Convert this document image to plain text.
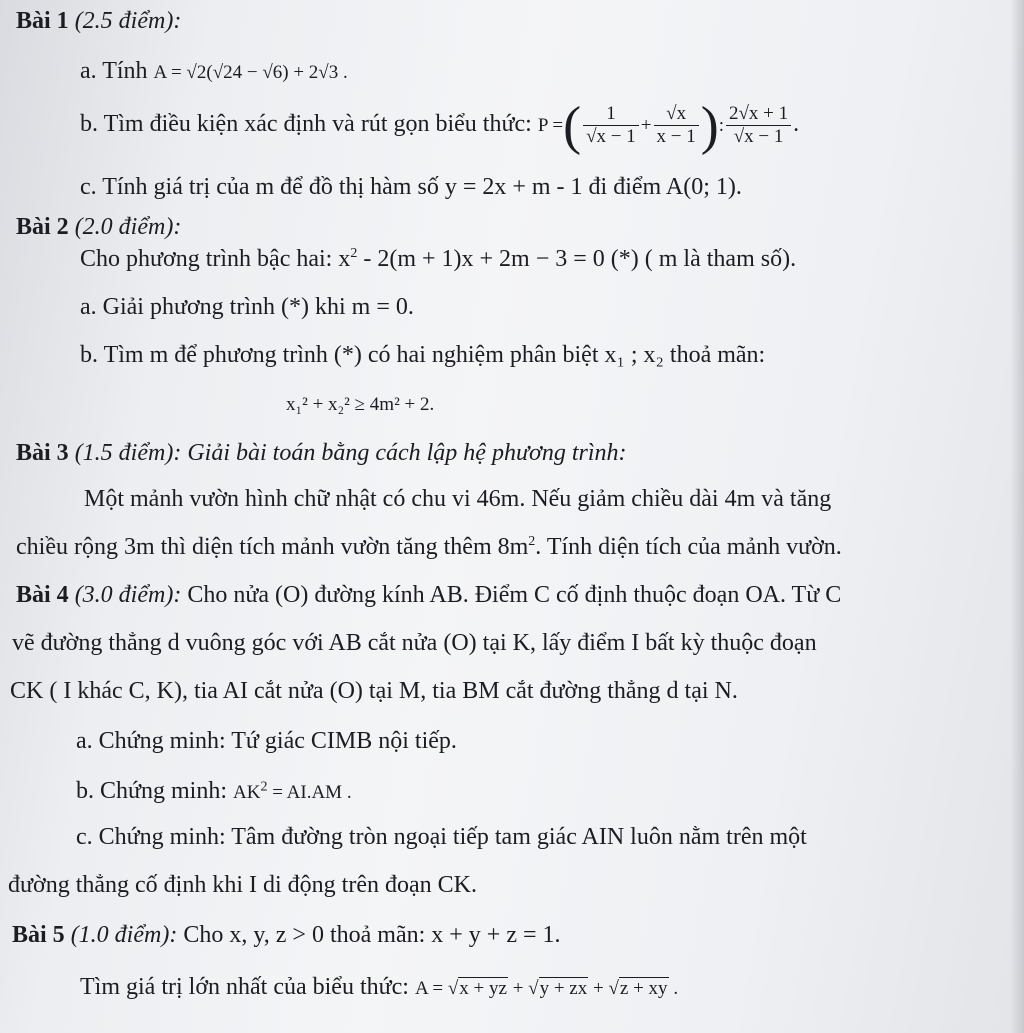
Bài 1 (2.5 điểm):
a. Tính A = √2(√24 − √6) + 2√3 .
b. Tìm điều kiện xác định và rút gọn biểu thức: P =( $\frac{1}{√x - 1} + \frac{√x}{x - 1}$ ): $\frac{2√x + 1}{√x - 1}$ .
c. Tính giá trị của m để đồ thị hàm số y = 2x + m - 1 đi điểm A(0; 1).
Bài 2 (2.0 điểm):
Cho phương trình bậc hai: $x^2 - 2(m + 1)x + 2m - 3 = 0$ (*) ( m là tham số).
a. Giải phương trình (*) khi m = 0.
b. Tìm m để phương trình (*) có hai nghiệm phân biệt x₁ ; x₂ thoả mãn:
x₁² + x₂² ≥ 4m² + 2.
Bài 3 (1.5 điểm): Giải bài toán bằng cách lập hệ phương trình:
Một mảnh vườn hình chữ nhật có chu vi 46m. Nếu giảm chiều dài 4m và tăng
chiều rộng 3m thì diện tích mảnh vườn tăng thêm $8m^2$. Tính diện tích của mảnh vườn.
Bài 4 (3.0 điểm): Cho nửa (O) đường kính AB. Điểm C cố định thuộc đoạn OA. Từ C
vẽ đường thẳng d vuông góc với AB cắt nửa (O) tại K, lấy điểm I bất kỳ thuộc đoạn
CK ( I khác C, K), tia AI cắt nửa (O) tại M, tia BM cắt đường thẳng d tại N.
a. Chứng minh: Tứ giác CIMB nội tiếp.
b. Chứng minh: $AK^2 = AI.AM$ .
c. Chứng minh: Tâm đường tròn ngoại tiếp tam giác AIN luôn nằm trên một
đường thẳng cố định khi I di động trên đoạn CK.
Bài 5 (1.0 điểm): Cho x, y, z > 0 thoả mãn: x + y + z = 1.
Tìm giá trị lớn nhất của biểu thức: A = √x + yz + √y + zx + √z + xy .
